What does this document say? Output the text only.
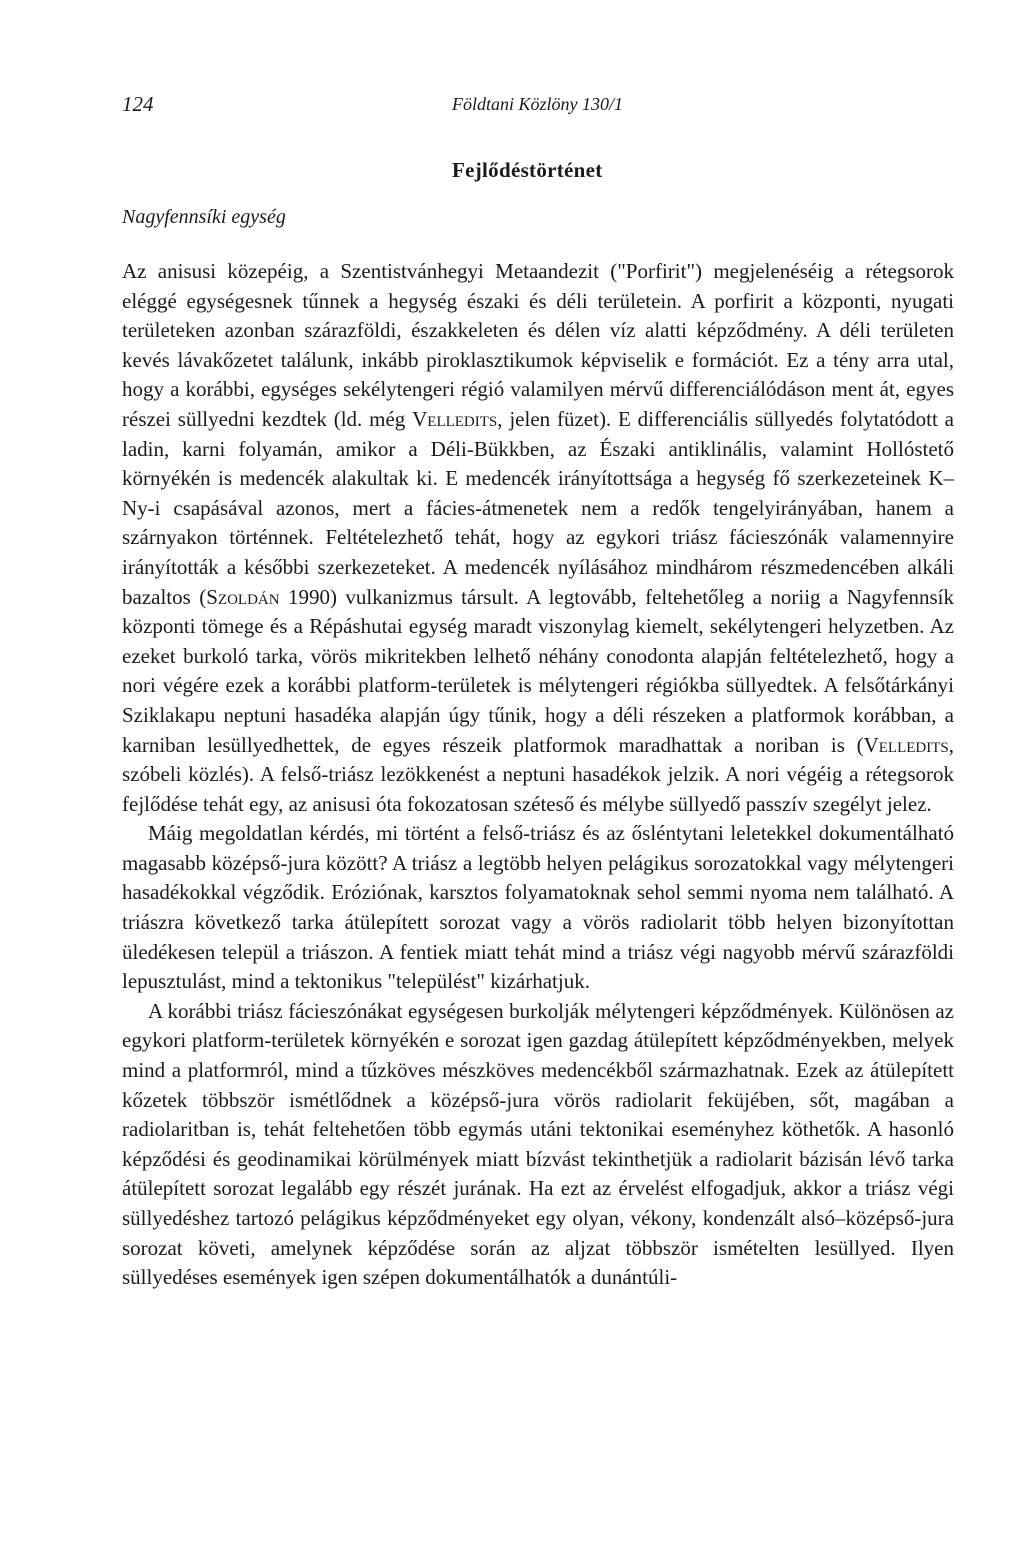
124	Földtani Közlöny 130/1
Fejlődéstörténet
Nagyfennsíki egység

Az anisusi közepéig, a Szentistvánhegyi Metaandezit ("Porfirit") megjelenéséig a rétegsorok eléggé egységesnek tűnnek a hegység északi és déli területein. A porfirit a központi, nyugati területeken azonban szárazföldi, északkeleten és délen víz alatti képződmény. A déli területen kevés lávakőzetet találunk, inkább piroklasztikumok képviselik e formációt. Ez a tény arra utal, hogy a korábbi, egységes sekélytengeri régió valamilyen mérvű differenciálódáson ment át, egyes részei süllyedni kezdtek (ld. még Velledits, jelen füzet). E differenciális süllyedés folytatódott a ladin, karni folyamán, amikor a Déli-Bükkben, az Északi antiklinális, valamint Hollóstető környékén is medencék alakultak ki. E medencék irányítottsága a hegység fő szerkezeteinek K–Ny-i csapásával azonos, mert a fácies-átmenetek nem a redők tengelyirányában, hanem a szárnyakon történnek. Feltételezhető tehát, hogy az egykori triász fácieszónák valamennyire irányították a későbbi szerkezeteket. A medencék nyílásához mindhárom részmedencében alkáli bazaltos (Szoldán 1990) vulkanizmus társult. A legtovább, feltehetőleg a noriig a Nagyfennsík központi tömege és a Répáshutai egység maradt viszonylag kiemelt, sekélytengeri helyzetben. Az ezeket burkoló tarka, vörös mikritekben lelhető néhány conodonta alapján feltételezhető, hogy a nori végére ezek a korábbi platform-területek is mélytengeri régiókba süllyedtek. A felsőtárkányi Sziklakapu neptuni hasadéka alapján úgy tűnik, hogy a déli részeken a platformok korábban, a karniban lesüllyedhettek, de egyes részeik platformok maradhattak a noriban is (Velledits, szóbeli közlés). A felső-triász lezökkenést a neptuni hasadékok jelzik. A nori végéig a rétegsorok fejlődése tehát egy, az anisusi óta fokozatosan széteső és mélybe süllyedő passzív szegélyt jelez.

Máig megoldatlan kérdés, mi történt a felső-triász és az ősléntytani leletekkel dokumentálható magasabb középső-jura között? A triász a legtöbb helyen pelágikus sorozatokkal vagy mélytengeri hasadékokkal végződik. Eróziónak, karsztos folyamatoknak sehol semmi nyoma nem található. A triászra következő tarka átülepített sorozat vagy a vörös radiolarit több helyen bizonyítottan üledékesen települ a triászon. A fentiek miatt tehát mind a triász végi nagyobb mérvű szárazföldi lepusztulást, mind a tektonikus "települést" kizárhatjuk.

A korábbi triász fácieszónákat egységesen burkolják mélytengeri képződmények. Különösen az egykori platform-területek környékén e sorozat igen gazdag átülepített képződményekben, melyek mind a platformról, mind a tűzköves mészköves medencékből származhatnak. Ezek az átülepített kőzetek többször ismétlődnek a középső-jura vörös radiolarit feküjében, sőt, magában a radiolaritban is, tehát feltehetően több egymás utáni tektonikai eseményhez köthetők. A hasonló képződési és geodinamikai körülmények miatt bízvást tekinthetjük a radiolarit bázisán lévő tarka átülepített sorozat legalább egy részét jurának. Ha ezt az érvelést elfogadjuk, akkor a triász végi süllyedéshez tartozó pelágikus képződményeket egy olyan, vékony, kondenzált alsó–középső-jura sorozat követi, amelynek képződése során az aljzat többször ismételten lesüllyed. Ilyen süllyedéses események igen szépen dokumentálhatók a dunántúli-
